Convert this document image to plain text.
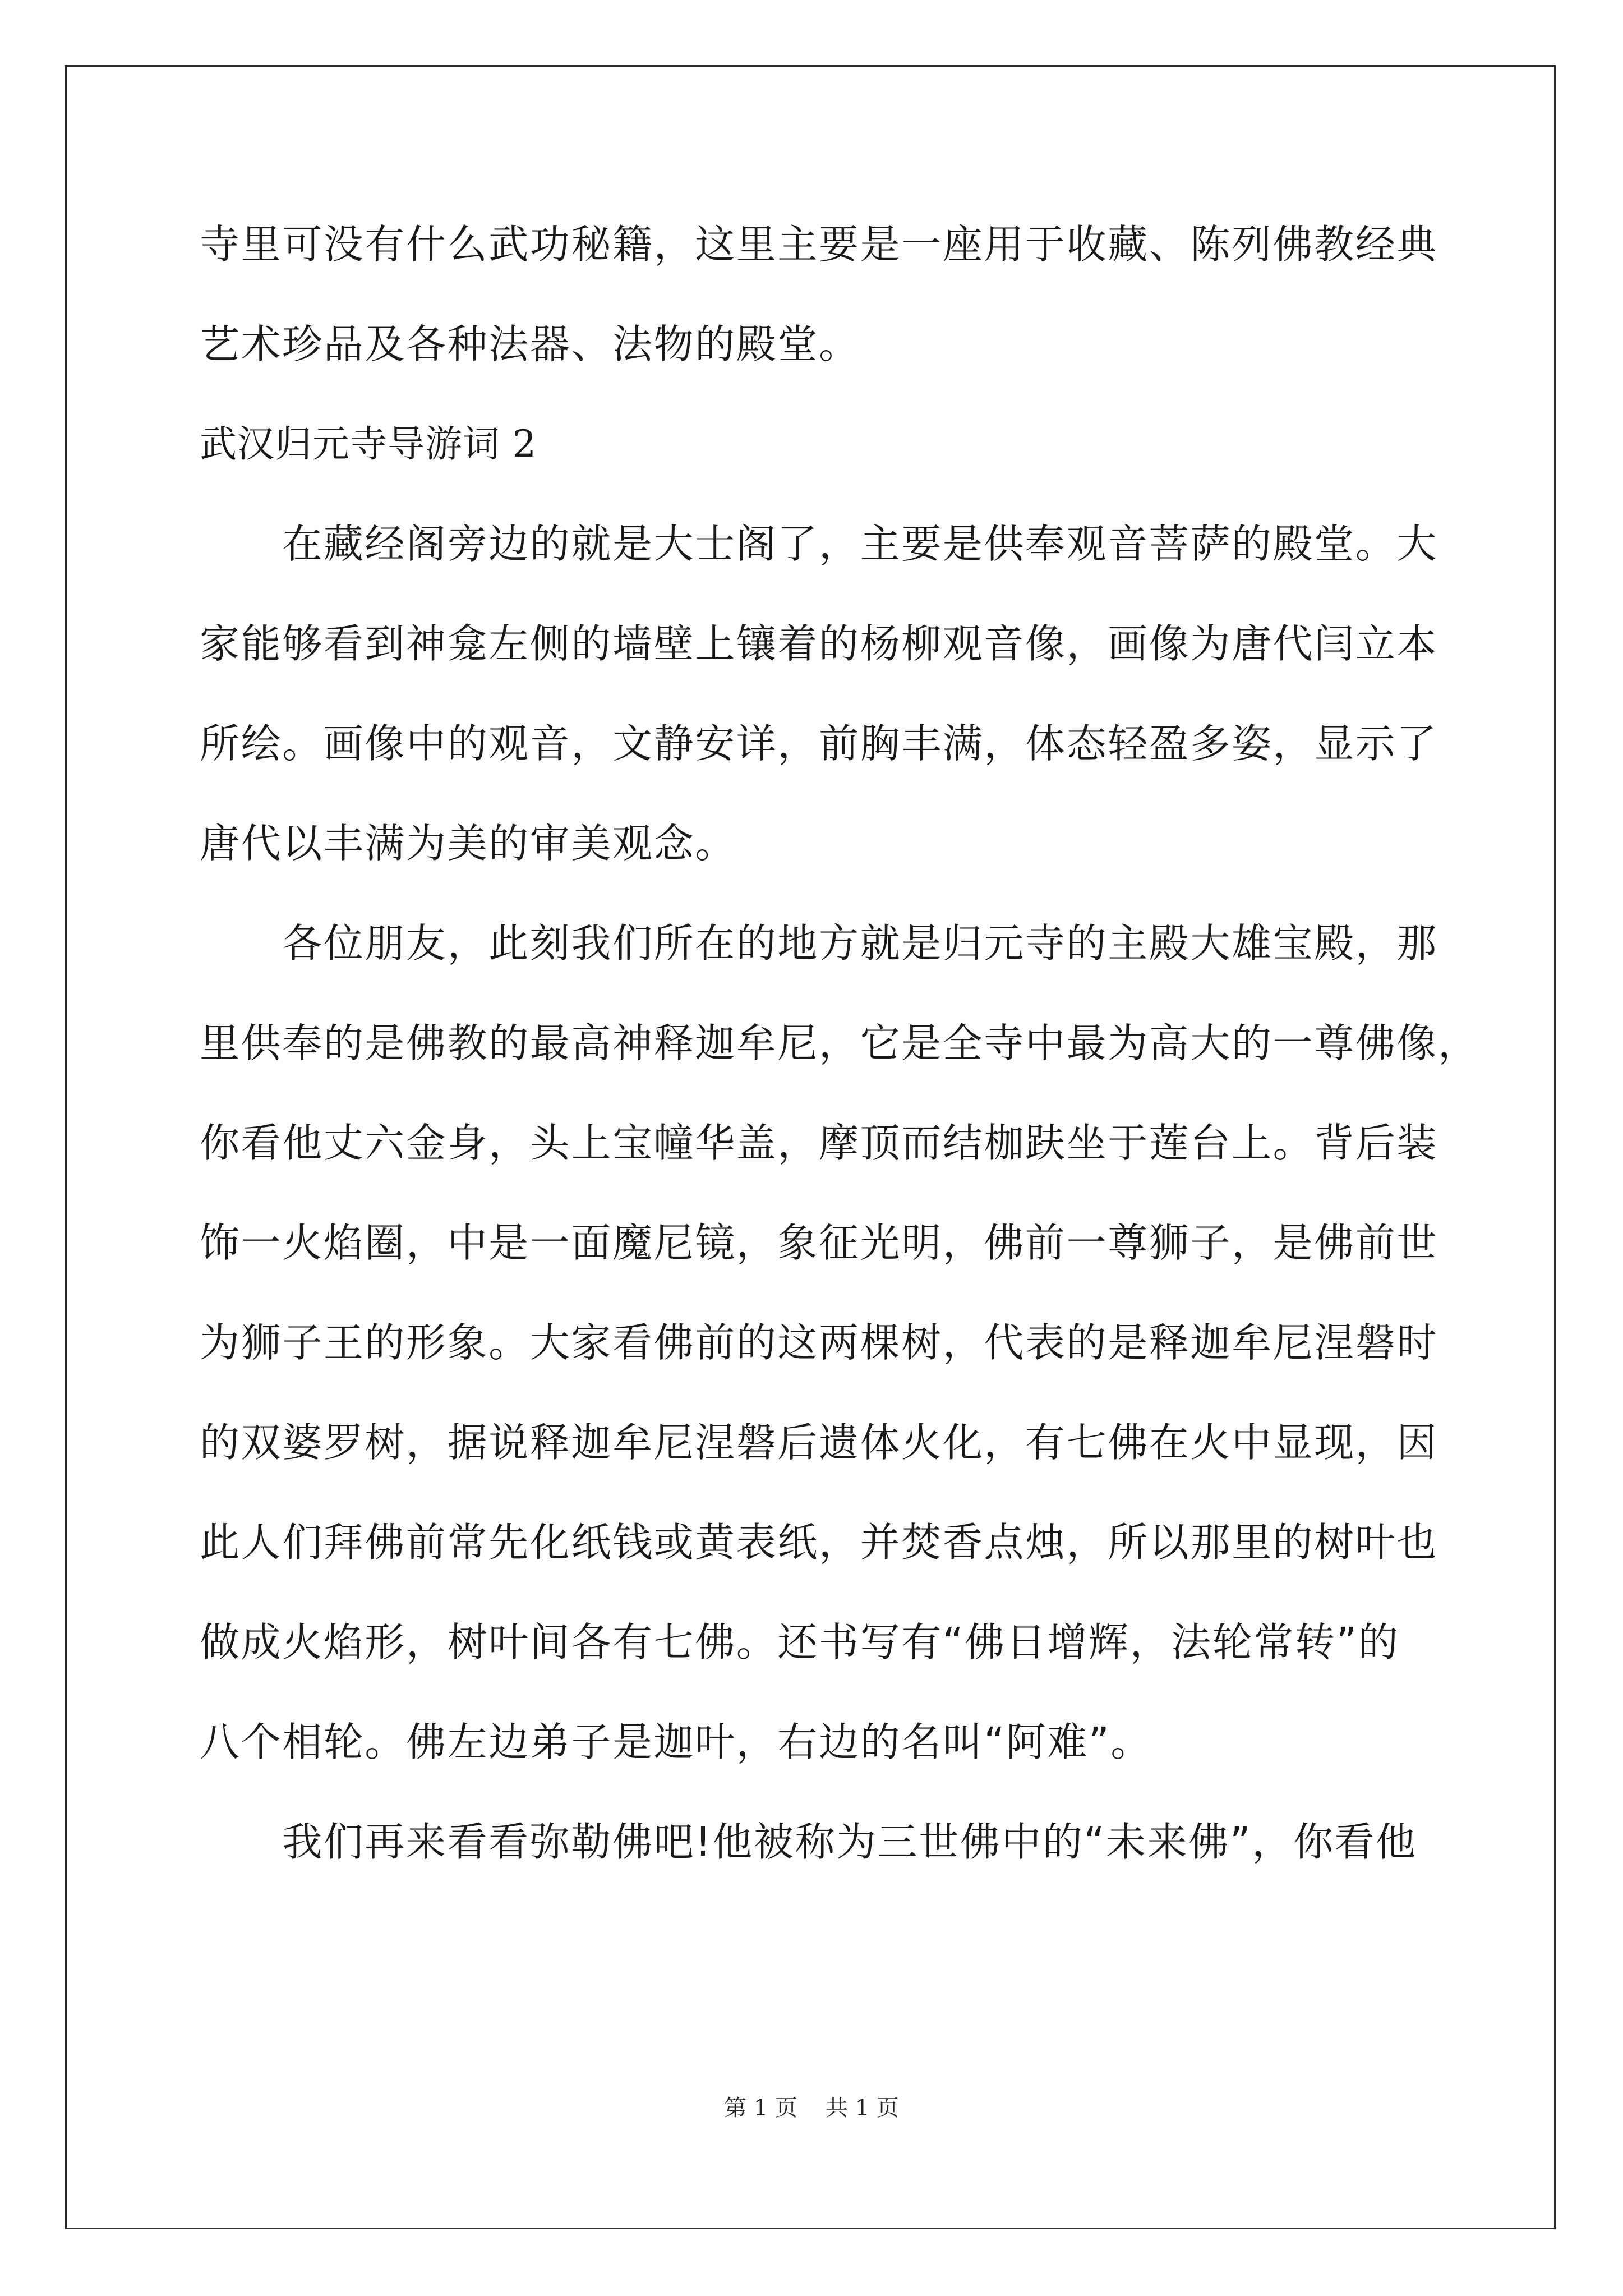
寺里可没有什么武功秘籍，这里主要是一座用于收藏、陈列佛教经典
艺术珍品及各种法器、法物的殿堂。
武汉归元寺导游词 2
　　在藏经阁旁边的就是大士阁了，主要是供奉观音菩萨的殿堂。大
家能够看到神龛左侧的墙壁上镶着的杨柳观音像，画像为唐代闫立本
所绘。画像中的观音，文静安详，前胸丰满，体态轻盈多姿，显示了
唐代以丰满为美的审美观念。
　　各位朋友，此刻我们所在的地方就是归元寺的主殿大雄宝殿，那
里供奉的是佛教的最高神释迦牟尼，它是全寺中最为高大的一尊佛像，
你看他丈六金身，头上宝幢华盖，摩顶而结枷趺坐于莲台上。背后装
饰一火焰圈，中是一面魔尼镜，象征光明，佛前一尊狮子，是佛前世
为狮子王的形象。大家看佛前的这两棵树，代表的是释迦牟尼涅磐时
的双婆罗树，据说释迦牟尼涅磐后遗体火化，有七佛在火中显现，因
此人们拜佛前常先化纸钱或黄表纸，并焚香点烛，所以那里的树叶也
做成火焰形，树叶间各有七佛。还书写有“佛日增辉，法轮常转”的
八个相轮。佛左边弟子是迦叶，右边的名叫“阿难”。
　　我们再来看看弥勒佛吧!他被称为三世佛中的“未来佛”，你看他
第 1 页 共 1 页
